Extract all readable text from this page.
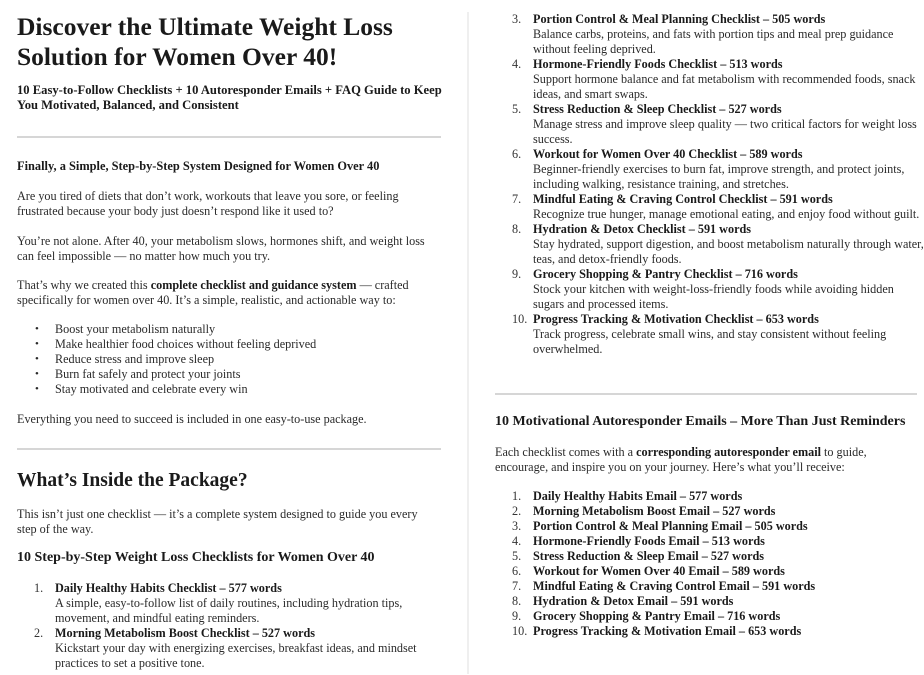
Discover the Ultimate Weight Loss Solution for Women Over 40!
10 Easy-to-Follow Checklists + 10 Autoresponder Emails + FAQ Guide to Keep You Motivated, Balanced, and Consistent
Finally, a Simple, Step-by-Step System Designed for Women Over 40
Are you tired of diets that don’t work, workouts that leave you sore, or feeling frustrated because your body just doesn’t respond like it used to?
You’re not alone. After 40, your metabolism slows, hormones shift, and weight loss can feel impossible — no matter how much you try.
That’s why we created this complete checklist and guidance system — crafted specifically for women over 40. It’s a simple, realistic, and actionable way to:
• Boost your metabolism naturally
• Make healthier food choices without feeling deprived
• Reduce stress and improve sleep
• Burn fat safely and protect your joints
• Stay motivated and celebrate every win
Everything you need to succeed is included in one easy-to-use package.
What’s Inside the Package?
This isn’t just one checklist — it’s a complete system designed to guide you every step of the way.
10 Step-by-Step Weight Loss Checklists for Women Over 40
1. Daily Healthy Habits Checklist – 577 words
A simple, easy-to-follow list of daily routines, including hydration tips, movement, and mindful eating reminders.
2. Morning Metabolism Boost Checklist – 527 words
Kickstart your day with energizing exercises, breakfast ideas, and mindset practices to set a positive tone.
3. Portion Control & Meal Planning Checklist – 505 words
Balance carbs, proteins, and fats with portion tips and meal prep guidance without feeling deprived.
4. Hormone-Friendly Foods Checklist – 513 words
Support hormone balance and fat metabolism with recommended foods, snack ideas, and smart swaps.
5. Stress Reduction & Sleep Checklist – 527 words
Manage stress and improve sleep quality — two critical factors for weight loss success.
6. Workout for Women Over 40 Checklist – 589 words
Beginner-friendly exercises to burn fat, improve strength, and protect joints, including walking, resistance training, and stretches.
7. Mindful Eating & Craving Control Checklist – 591 words
Recognize true hunger, manage emotional eating, and enjoy food without guilt.
8. Hydration & Detox Checklist – 591 words
Stay hydrated, support digestion, and boost metabolism naturally through water, teas, and detox-friendly foods.
9. Grocery Shopping & Pantry Checklist – 716 words
Stock your kitchen with weight-loss-friendly foods while avoiding hidden sugars and processed items.
10. Progress Tracking & Motivation Checklist – 653 words
Track progress, celebrate small wins, and stay consistent without feeling overwhelmed.
10 Motivational Autoresponder Emails – More Than Just Reminders
Each checklist comes with a corresponding autoresponder email to guide, encourage, and inspire you on your journey. Here’s what you’ll receive:
1. Daily Healthy Habits Email – 577 words
2. Morning Metabolism Boost Email – 527 words
3. Portion Control & Meal Planning Email – 505 words
4. Hormone-Friendly Foods Email – 513 words
5. Stress Reduction & Sleep Email – 527 words
6. Workout for Women Over 40 Email – 589 words
7. Mindful Eating & Craving Control Email – 591 words
8. Hydration & Detox Email – 591 words
9. Grocery Shopping & Pantry Email – 716 words
10. Progress Tracking & Motivation Email – 653 words
